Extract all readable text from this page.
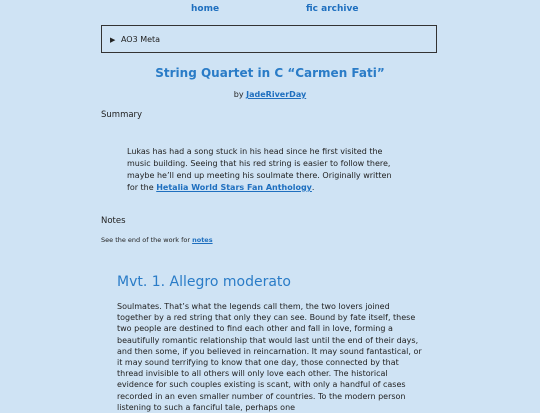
home	fic archive
▶ AO3 Meta
String Quartet in C “Carmen Fati”
by JadeRiverDay
Summary
Lukas has had a song stuck in his head since he first visited the music building. Seeing that his red string is easier to follow there, maybe he’ll end up meeting his soulmate there. Originally written for the Hetalia World Stars Fan Anthology.
Notes
See the end of the work for notes
Mvt. 1. Allegro moderato

Soulmates. That’s what the legends call them, the two lovers joined together by a red string that only they can see. Bound by fate itself, these two people are destined to find each other and fall in love, forming a beautifully romantic relationship that would last until the end of their days, and then some, if you believed in reincarnation. It may sound fantastical, or it may sound terrifying to know that one day, those connected by that thread invisible to all others will only love each other. The historical evidence for such couples existing is scant, with only a handful of cases recorded in an even smaller number of countries. To the modern person listening to such a fanciful tale, perhaps one
